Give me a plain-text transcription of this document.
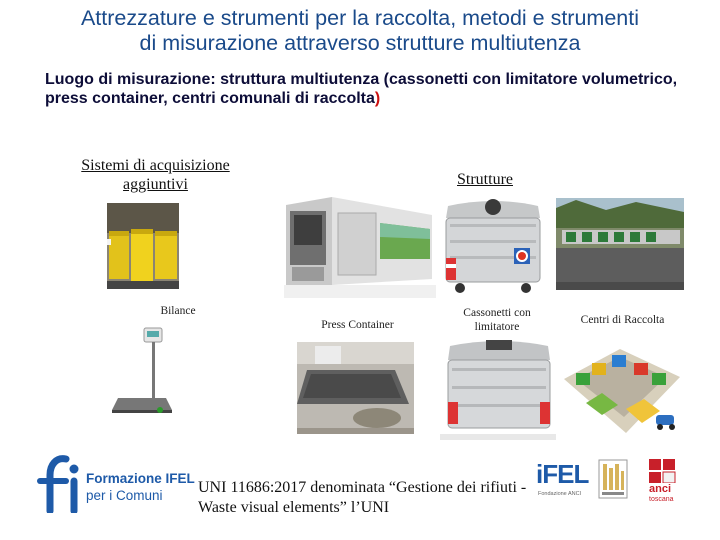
Attrezzature e strumenti per la raccolta, metodi e strumenti
di misurazione attraverso strutture multiutenza
Luogo di misurazione: struttura multiutenza (cassonetti con limitatore volumetrico, press container, centri comunali di raccolta)
Sistemi di acquisizione
aggiuntivi	Strutture
Bilance
Press Container
Cassonetti con
limitatore
Centri di Raccolta
Formazione IFEL
per i Comuni UNI 11686:2017 denominata “Gestione dei rifiuti - Waste visual elements” l’UNI
iFEL
Fondazione ANCI	anci
toscana
